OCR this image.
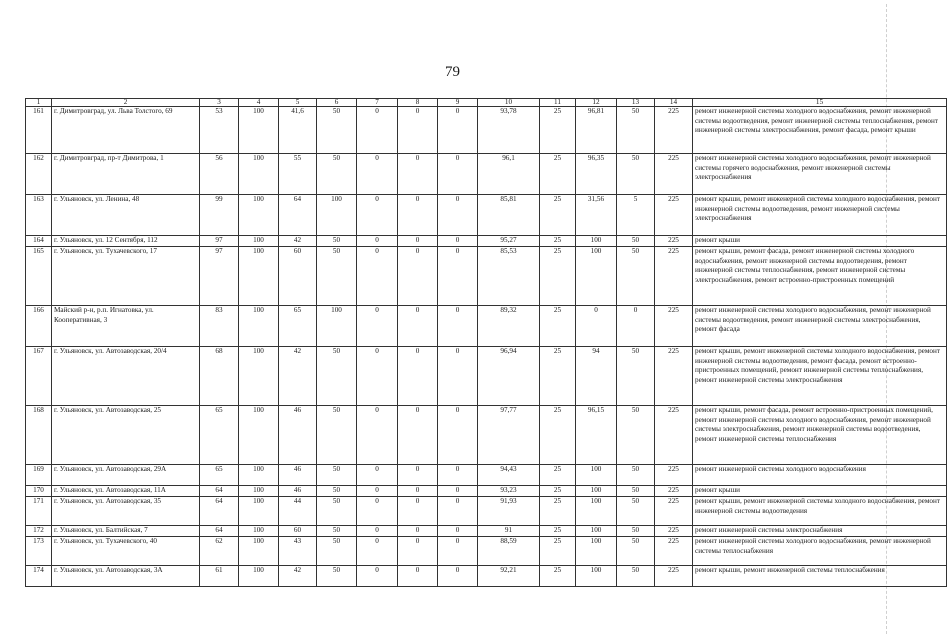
79
1	2	3	4	5	6	7	8	9	10	11	12	13	14	15
161	г. Димитровград, ул. Льва Толстого, 69	53	100	41,6	50	0	0	0	93,78	25	96,81	50	225	ремонт инженерной системы холодного водоснабжения, ремонт инженерной системы водоотведения, ремонт инженерной системы теплоснабжения, ремонт инженерной системы электроснабжения, ремонт фасада, ремонт крыши
162	г. Димитровград, пр-т Димитрова, 1	56	100	55	50	0	0	0	96,1	25	96,35	50	225	ремонт инженерной системы холодного водоснабжения, ремонт инженерной системы горячего водоснабжения, ремонт инженерной системы электроснабжения
163	г. Ульяновск, ул. Ленина, 48	99	100	64	100	0	0	0	85,81	25	31,56	5	225	ремонт крыши, ремонт инженерной системы холодного водоснабжения, ремонт инженерной системы водоотведения, ремонт инженерной системы электроснабжения
164	г. Ульяновск, ул. 12 Сентября, 112	97	100	42	50	0	0	0	95,27	25	100	50	225	ремонт крыши
165	г. Ульяновск, ул. Тухачевского, 17	97	100	60	50	0	0	0	85,53	25	100	50	225	ремонт крыши, ремонт фасада, ремонт инженерной системы холодного водоснабжения, ремонт инженерной системы водоотведения, ремонт инженерной системы теплоснабжения, ремонт инженерной системы электроснабжения, ремонт встроенно-пристроенных помещений
166	Майский р-н, р.п. Игнатовка, ул. Кооперативная, 3	83	100	65	100	0	0	0	89,32	25	0	0	225	ремонт инженерной системы холодного водоснабжения, ремонт инженерной системы водоотведения, ремонт инженерной системы электроснабжения, ремонт фасада
167	г. Ульяновск, ул. Автозаводская, 20/4	68	100	42	50	0	0	0	96,94	25	94	50	225	ремонт крыши, ремонт инженерной системы холодного водоснабжения, ремонт инженерной системы водоотведения, ремонт фасада, ремонт встроенно-пристроенных помещений, ремонт инженерной системы теплоснабжения, ремонт инженерной системы электроснабжения
168	г. Ульяновск, ул. Автозаводская, 25	65	100	46	50	0	0	0	97,77	25	96,15	50	225	ремонт крыши, ремонт фасада, ремонт встроенно-пристроенных помещений, ремонт инженерной системы холодного водоснабжения, ремонт инженерной системы электроснабжения, ремонт инженерной системы водоотведения, ремонт инженерной системы теплоснабжения
169	г. Ульяновск, ул. Автозаводская, 29А	65	100	46	50	0	0	0	94,43	25	100	50	225	ремонт инженерной системы холодного водоснабжения
170	г. Ульяновск, ул. Автозаводская, 11А	64	100	46	50	0	0	0	93,23	25	100	50	225	ремонт крыши
171	г. Ульяновск, ул. Автозаводская, 35	64	100	44	50	0	0	0	91,93	25	100	50	225	ремонт крыши, ремонт инженерной системы холодного водоснабжения, ремонт инженерной системы водоотведения
172	г. Ульяновск, ул. Балтийская, 7	64	100	60	50	0	0	0	91	25	100	50	225	ремонт инженерной системы электроснабжения
173	г. Ульяновск, ул. Тухачевского, 40	62	100	43	50	0	0	0	88,59	25	100	50	225	ремонт инженерной системы холодного водоснабжения, ремонт инженерной системы теплоснабжения
174	г. Ульяновск, ул. Автозаводская, 3А	61	100	42	50	0	0	0	92,21	25	100	50	225	ремонт крыши, ремонт инженерной системы теплоснабжения
